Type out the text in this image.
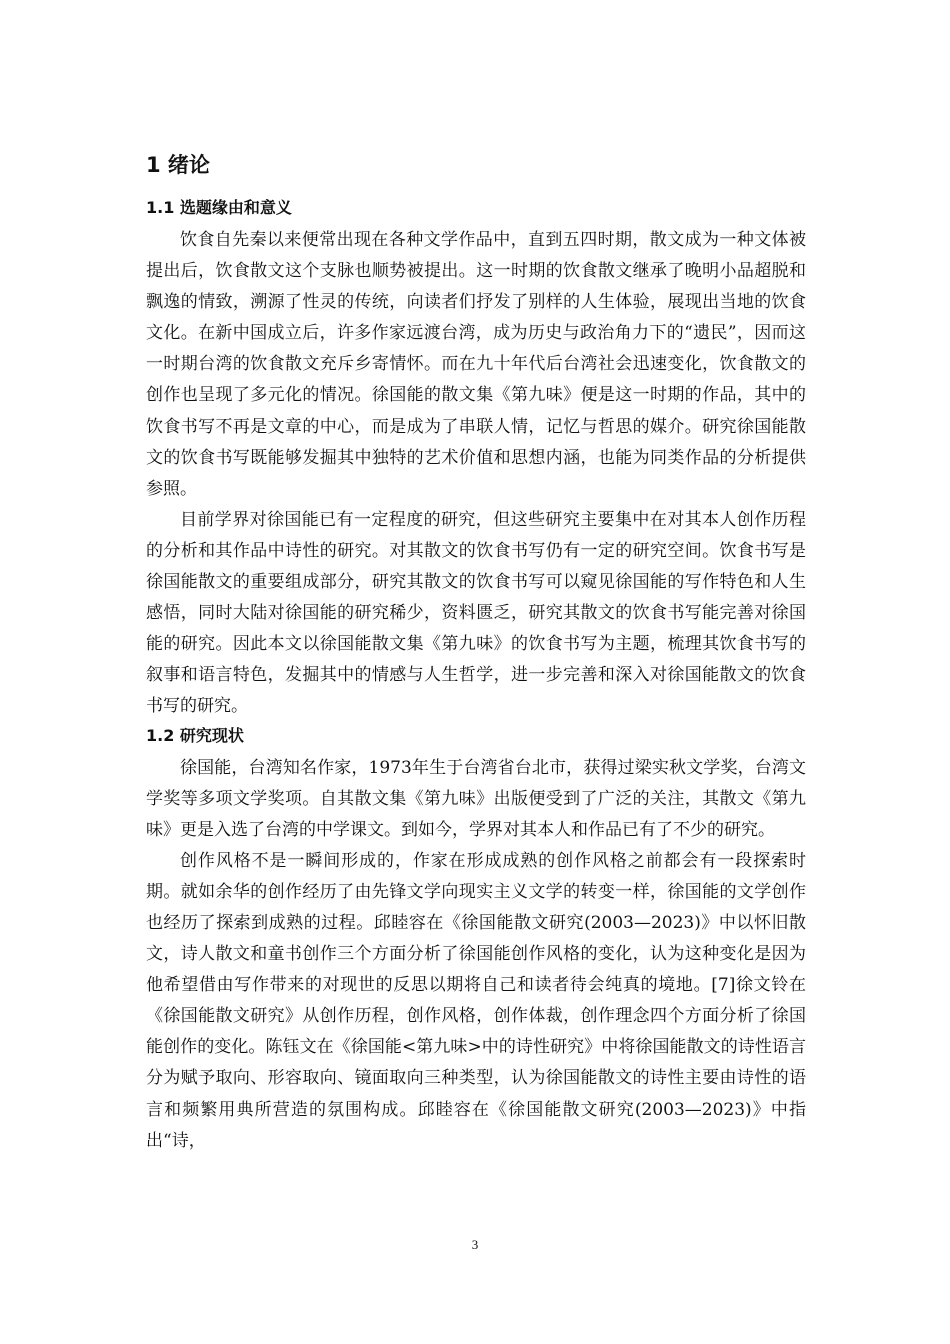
1 绪论
1.1 选题缘由和意义

饮食自先秦以来便常出现在各种文学作品中，直到五四时期，散文成为一种文体被提出后，饮食散文这个支脉也顺势被提出。这一时期的饮食散文继承了晚明小品超脱和飘逸的情致，溯源了性灵的传统，向读者们抒发了别样的人生体验，展现出当地的饮食文化。在新中国成立后，许多作家远渡台湾，成为历史与政治角力下的“遗民”，因而这一时期台湾的饮食散文充斥乡寄情怀。而在九十年代后台湾社会迅速变化，饮食散文的创作也呈现了多元化的情况。徐国能的散文集《第九味》便是这一时期的作品，其中的饮食书写不再是文章的中心，而是成为了串联人情，记忆与哲思的媒介。研究徐国能散文的饮食书写既能够发掘其中独特的艺术价值和思想内涵，也能为同类作品的分析提供参照。

目前学界对徐国能已有一定程度的研究，但这些研究主要集中在对其本人创作历程的分析和其作品中诗性的研究。对其散文的饮食书写仍有一定的研究空间。饮食书写是徐国能散文的重要组成部分，研究其散文的饮食书写可以窥见徐国能的写作特色和人生感悟，同时大陆对徐国能的研究稀少，资料匮乏，研究其散文的饮食书写能完善对徐国能的研究。因此本文以徐国能散文集《第九味》的饮食书写为主题，梳理其饮食书写的叙事和语言特色，发掘其中的情感与人生哲学，进一步完善和深入对徐国能散文的饮食书写的研究。

1.2 研究现状

徐国能，台湾知名作家，1973年生于台湾省台北市，获得过梁实秋文学奖，台湾文学奖等多项文学奖项。自其散文集《第九味》出版便受到了广泛的关注，其散文《第九味》更是入选了台湾的中学课文。到如今，学界对其本人和作品已有了不少的研究。

创作风格不是一瞬间形成的，作家在形成成熟的创作风格之前都会有一段探索时期。就如余华的创作经历了由先锋文学向现实主义文学的转变一样，徐国能的文学创作也经历了探索到成熟的过程。邱睦容在《徐国能散文研究(2003—2023)》中以怀旧散文，诗人散文和童书创作三个方面分析了徐国能创作风格的变化，认为这种变化是因为他希望借由写作带来的对现世的反思以期将自己和读者待会纯真的境地。[7]徐文铃在《徐国能散文研究》从创作历程，创作风格，创作体裁，创作理念四个方面分析了徐国能创作的变化。陈钰文在《徐国能<第九味>中的诗性研究》中将徐国能散文的诗性语言分为赋予取向、形容取向、镜面取向三种类型，认为徐国能散文的诗性主要由诗性的语言和频繁用典所营造的氛围构成。邱睦容在《徐国能散文研究(2003—2023)》中指出“诗，

3
